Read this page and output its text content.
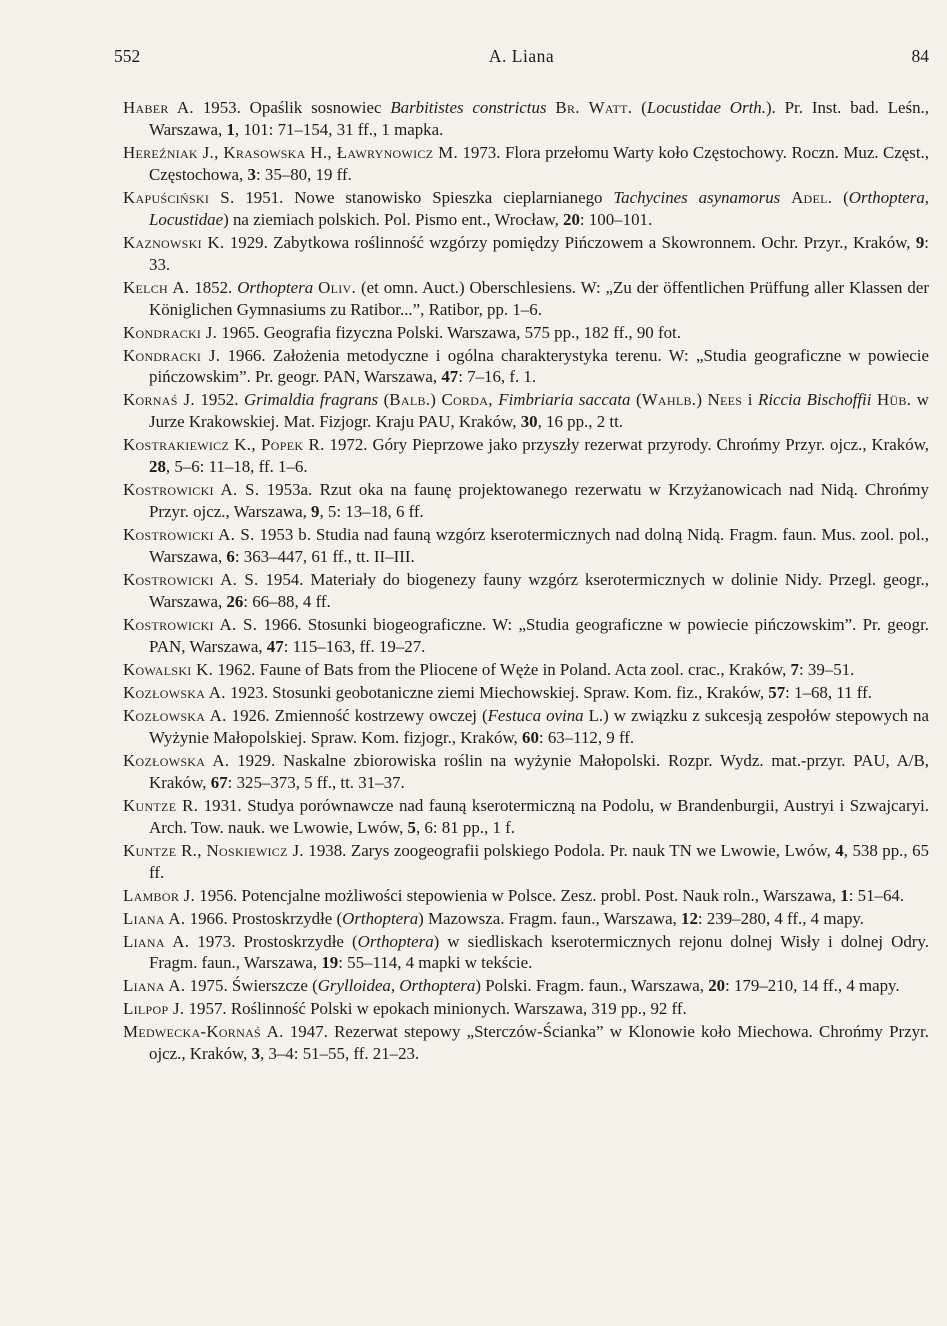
552	A. Liana	84

Haber A. 1953. Opaślik sosnowiec Barbitistes constrictus Br. Watt. (Locustidae Orth.). Pr. Inst. bad. Leśn., Warszawa, 1, 101: 71–154, 31 ff., 1 mapka.

Hereźniak J., Krasowska H., Ławrynowicz M. 1973. Flora przełomu Warty koło Częstochowy. Roczn. Muz. Częst., Częstochowa, 3: 35–80, 19 ff.

Kapuściński S. 1951. Nowe stanowisko Spieszka cieplarnianego Tachycines asynamorus Adel. (Orthoptera, Locustidae) na ziemiach polskich. Pol. Pismo ent., Wrocław, 20: 100–101.

Kaznowski K. 1929. Zabytkowa roślinność wzgórzy pomiędzy Pińczowem a Skowronnem. Ochr. Przyr., Kraków, 9: 33.

Kelch A. 1852. Orthoptera Oliv. (et omn. Auct.) Oberschlesiens. W: „Zu der öffentlichen Prüffung aller Klassen der Königlichen Gymnasiums zu Ratibor...”, Ratibor, pp. 1–6.

Kondracki J. 1965. Geografia fizyczna Polski. Warszawa, 575 pp., 182 ff., 90 fot.

Kondracki J. 1966. Założenia metodyczne i ogólna charakterystyka terenu. W: „Studia geograficzne w powiecie pińczowskim”. Pr. geogr. PAN, Warszawa, 47: 7–16, f. 1.

Kornaś J. 1952. Grimaldia fragrans (Balb.) Corda, Fimbriaria saccata (Wahlb.) Nees i Riccia Bischoffii Hüb. w Jurze Krakowskiej. Mat. Fizjogr. Kraju PAU, Kraków, 30, 16 pp., 2 tt.

Kostrakiewicz K., Popek R. 1972. Góry Pieprzowe jako przyszły rezerwat przyrody. Chrońmy Przyr. ojcz., Kraków, 28, 5–6: 11–18, ff. 1–6.

Kostrowicki A. S. 1953a. Rzut oka na faunę projektowanego rezerwatu w Krzyżanowicach nad Nidą. Chrońmy Przyr. ojcz., Warszawa, 9, 5: 13–18, 6 ff.

Kostrowicki A. S. 1953 b. Studia nad fauną wzgórz kserotermicznych nad dolną Nidą. Fragm. faun. Mus. zool. pol., Warszawa, 6: 363–447, 61 ff., tt. II–III.

Kostrowicki A. S. 1954. Materiały do biogenezy fauny wzgórz kserotermicznych w dolinie Nidy. Przegl. geogr., Warszawa, 26: 66–88, 4 ff.

Kostrowicki A. S. 1966. Stosunki biogeograficzne. W: „Studia geograficzne w powiecie pińczowskim”. Pr. geogr. PAN, Warszawa, 47: 115–163, ff. 19–27.

Kowalski K. 1962. Faune of Bats from the Pliocene of Węże in Poland. Acta zool. crac., Kraków, 7: 39–51.

Kozłowska A. 1923. Stosunki geobotaniczne ziemi Miechowskiej. Spraw. Kom. fiz., Kraków, 57: 1–68, 11 ff.

Kozłowska A. 1926. Zmienność kostrzewy owczej (Festuca ovina L.) w związku z sukcesją zespołów stepowych na Wyżynie Małopolskiej. Spraw. Kom. fizjogr., Kraków, 60: 63–112, 9 ff.

Kozłowska A. 1929. Naskalne zbiorowiska roślin na wyżynie Małopolski. Rozpr. Wydz. mat.-przyr. PAU, A/B, Kraków, 67: 325–373, 5 ff., tt. 31–37.

Kuntze R. 1931. Studya porównawcze nad fauną kserotermiczną na Podolu, w Brandenburgii, Austryi i Szwajcaryi. Arch. Tow. nauk. we Lwowie, Lwów, 5, 6: 81 pp., 1 f.

Kuntze R., Noskiewicz J. 1938. Zarys zoogeografii polskiego Podola. Pr. nauk TN we Lwowie, Lwów, 4, 538 pp., 65 ff.

Lambor J. 1956. Potencjalne możliwości stepowienia w Polsce. Zesz. probl. Post. Nauk roln., Warszawa, 1: 51–64.

Liana A. 1966. Prostoskrzydłe (Orthoptera) Mazowsza. Fragm. faun., Warszawa, 12: 239–280, 4 ff., 4 mapy.

Liana A. 1973. Prostoskrzydłe (Orthoptera) w siedliskach kserotermicznych rejonu dolnej Wisły i dolnej Odry. Fragm. faun., Warszawa, 19: 55–114, 4 mapki w tekście.

Liana A. 1975. Świerszcze (Grylloidea, Orthoptera) Polski. Fragm. faun., Warszawa, 20: 179–210, 14 ff., 4 mapy.

Lilpop J. 1957. Roślinność Polski w epokach minionych. Warszawa, 319 pp., 92 ff.

Medwecka-Kornaś A. 1947. Rezerwat stepowy „Sterczów-Ścianka” w Klonowie koło Miechowa. Chrońmy Przyr. ojcz., Kraków, 3, 3–4: 51–55, ff. 21–23.
